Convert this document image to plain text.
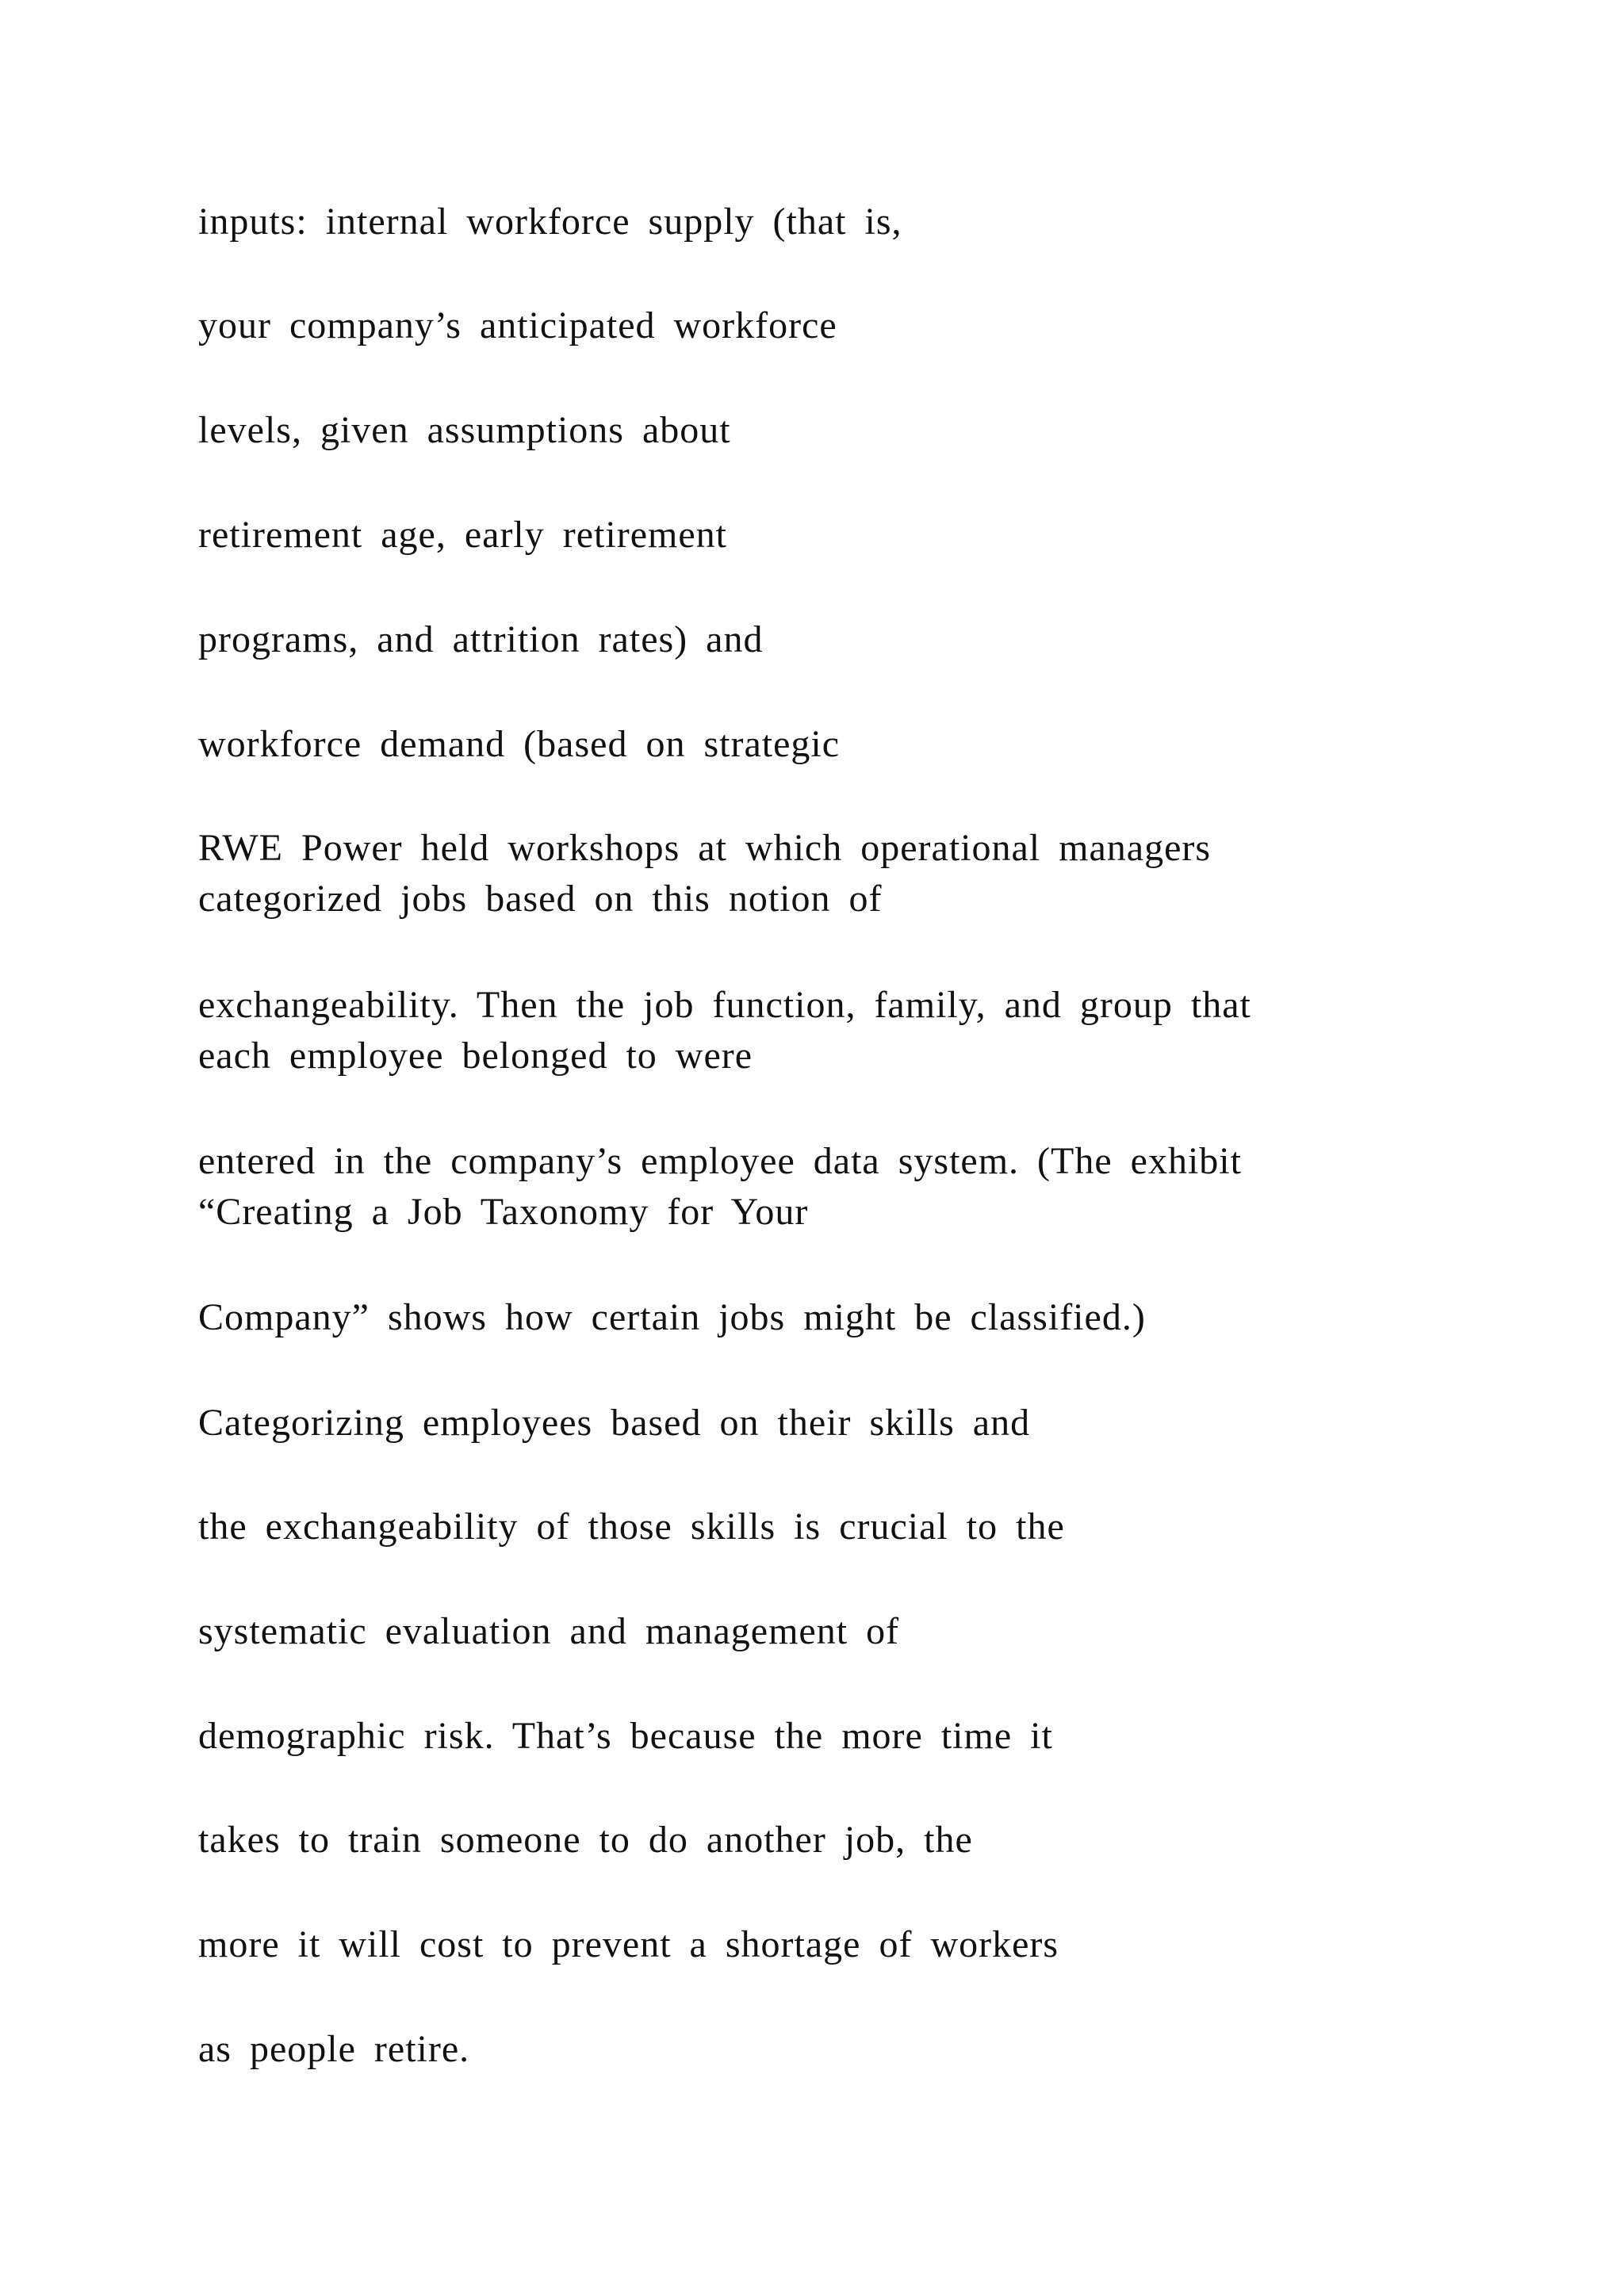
inputs: internal workforce supply (that is,

your company’s anticipated workforce

levels, given assumptions about

retirement age, early retirement

programs, and attrition rates) and

workforce demand (based on strategic

RWE Power held workshops at which operational managers

categorized jobs based on this notion of

exchangeability. Then the job function, family, and group that

each employee belonged to were

entered in the company’s employee data system. (The exhibit

“Creating a Job Taxonomy for Your

Company” shows how certain jobs might be classified.)

Categorizing employees based on their skills and

the exchangeability of those skills is crucial to the

systematic evaluation and management of

demographic risk. That’s because the more time it

takes to train someone to do another job, the

more it will cost to prevent a shortage of workers

as people retire.
